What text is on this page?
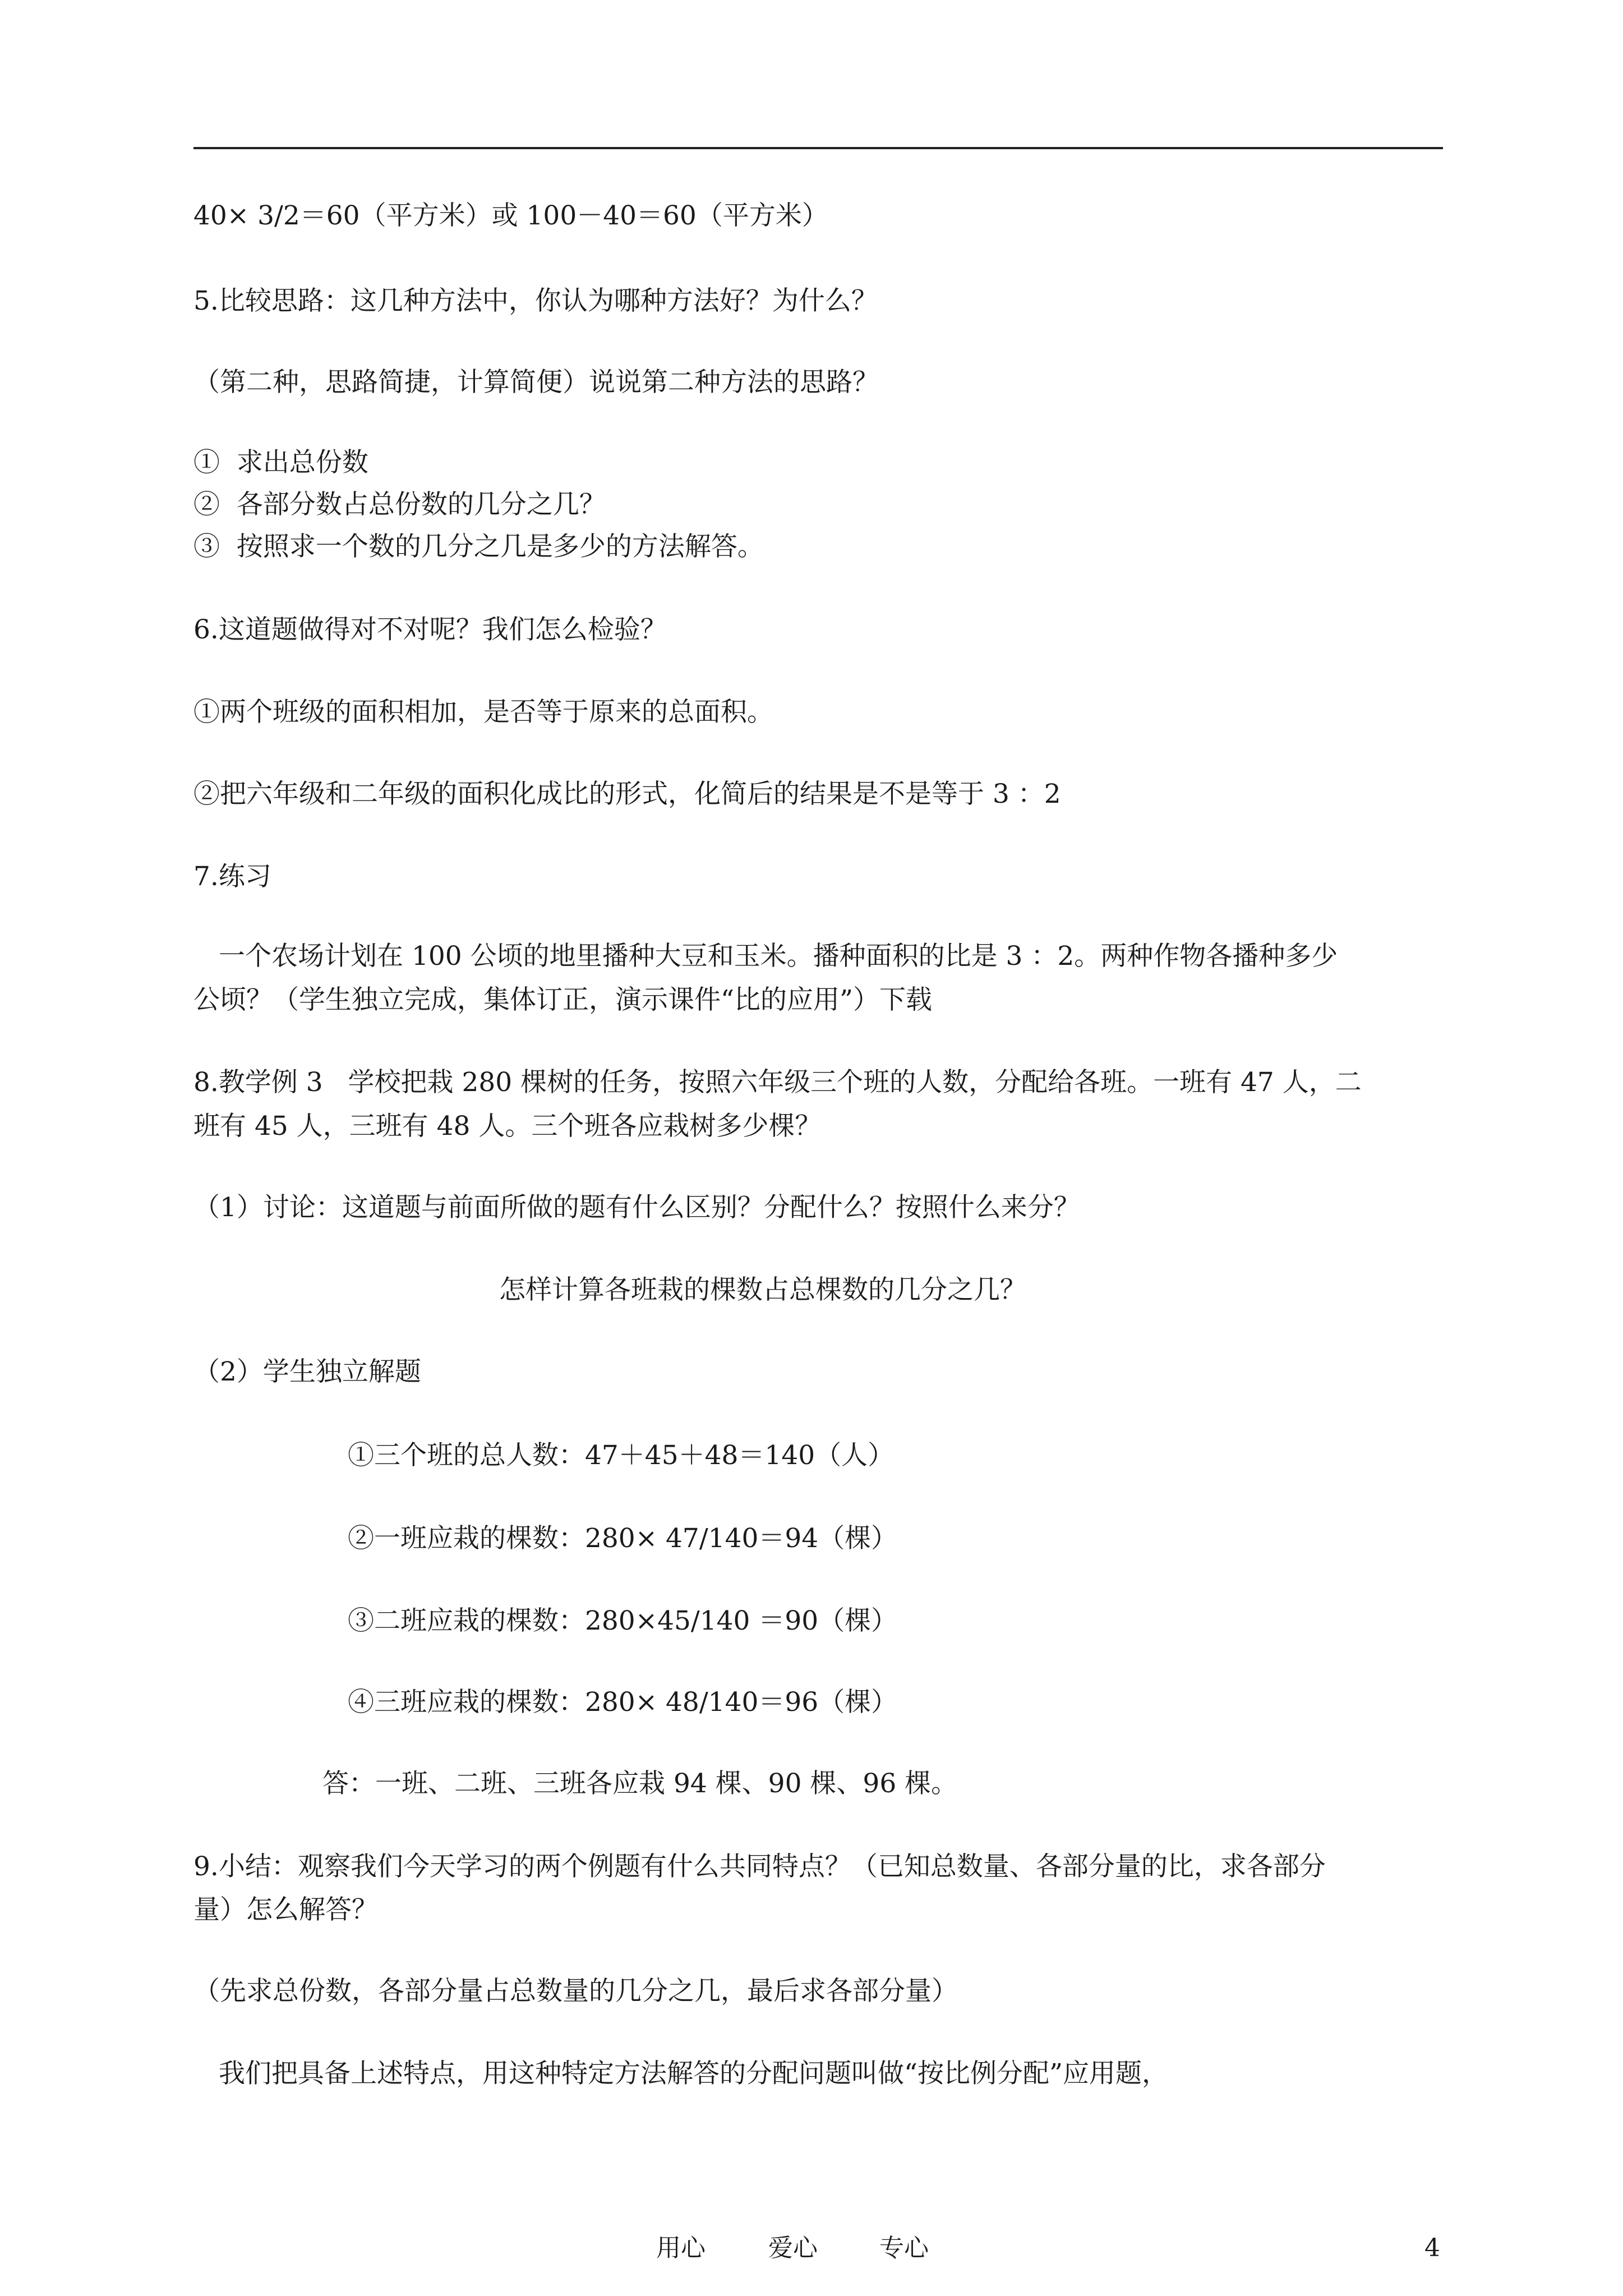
40× 3/2＝60（平方米）或 100－40＝60（平方米）
5.比较思路：这几种方法中，你认为哪种方法好？为什么？
（第二种，思路简捷，计算简便）说说第二种方法的思路？
①  求出总份数
②  各部分数占总份数的几分之几？
③  按照求一个数的几分之几是多少的方法解答。
6.这道题做得对不对呢？我们怎么检验？
①两个班级的面积相加，是否等于原来的总面积。
②把六年级和二年级的面积化成比的形式，化简后的结果是不是等于 3 ：2
7.练习
一个农场计划在 100 公顷的地里播种大豆和玉米。播种面积的比是 3 ：2。两种作物各播种多少
公顷？（学生独立完成，集体订正，演示课件“比的应用”）下载
8.教学例 3   学校把栽 280 棵树的任务，按照六年级三个班的人数，分配给各班。一班有 47 人，二
班有 45 人，三班有 48 人。三个班各应栽树多少棵？
（1）讨论：这道题与前面所做的题有什么区别？分配什么？按照什么来分？
怎样计算各班栽的棵数占总棵数的几分之几？
（2）学生独立解题
①三个班的总人数：47＋45＋48＝140（人）
②一班应栽的棵数：280× 47/140＝94（棵）
③二班应栽的棵数：280×45/140 ＝90（棵）
④三班应栽的棵数：280× 48/140＝96（棵）
答：一班、二班、三班各应栽 94 棵、90 棵、96 棵。
9.小结：观察我们今天学习的两个例题有什么共同特点？（已知总数量、各部分量的比，求各部分
量）怎么解答？
（先求总份数，各部分量占总数量的几分之几，最后求各部分量）
我们把具备上述特点，用这种特定方法解答的分配问题叫做“按比例分配”应用题，
用心	爱心	专心	4
